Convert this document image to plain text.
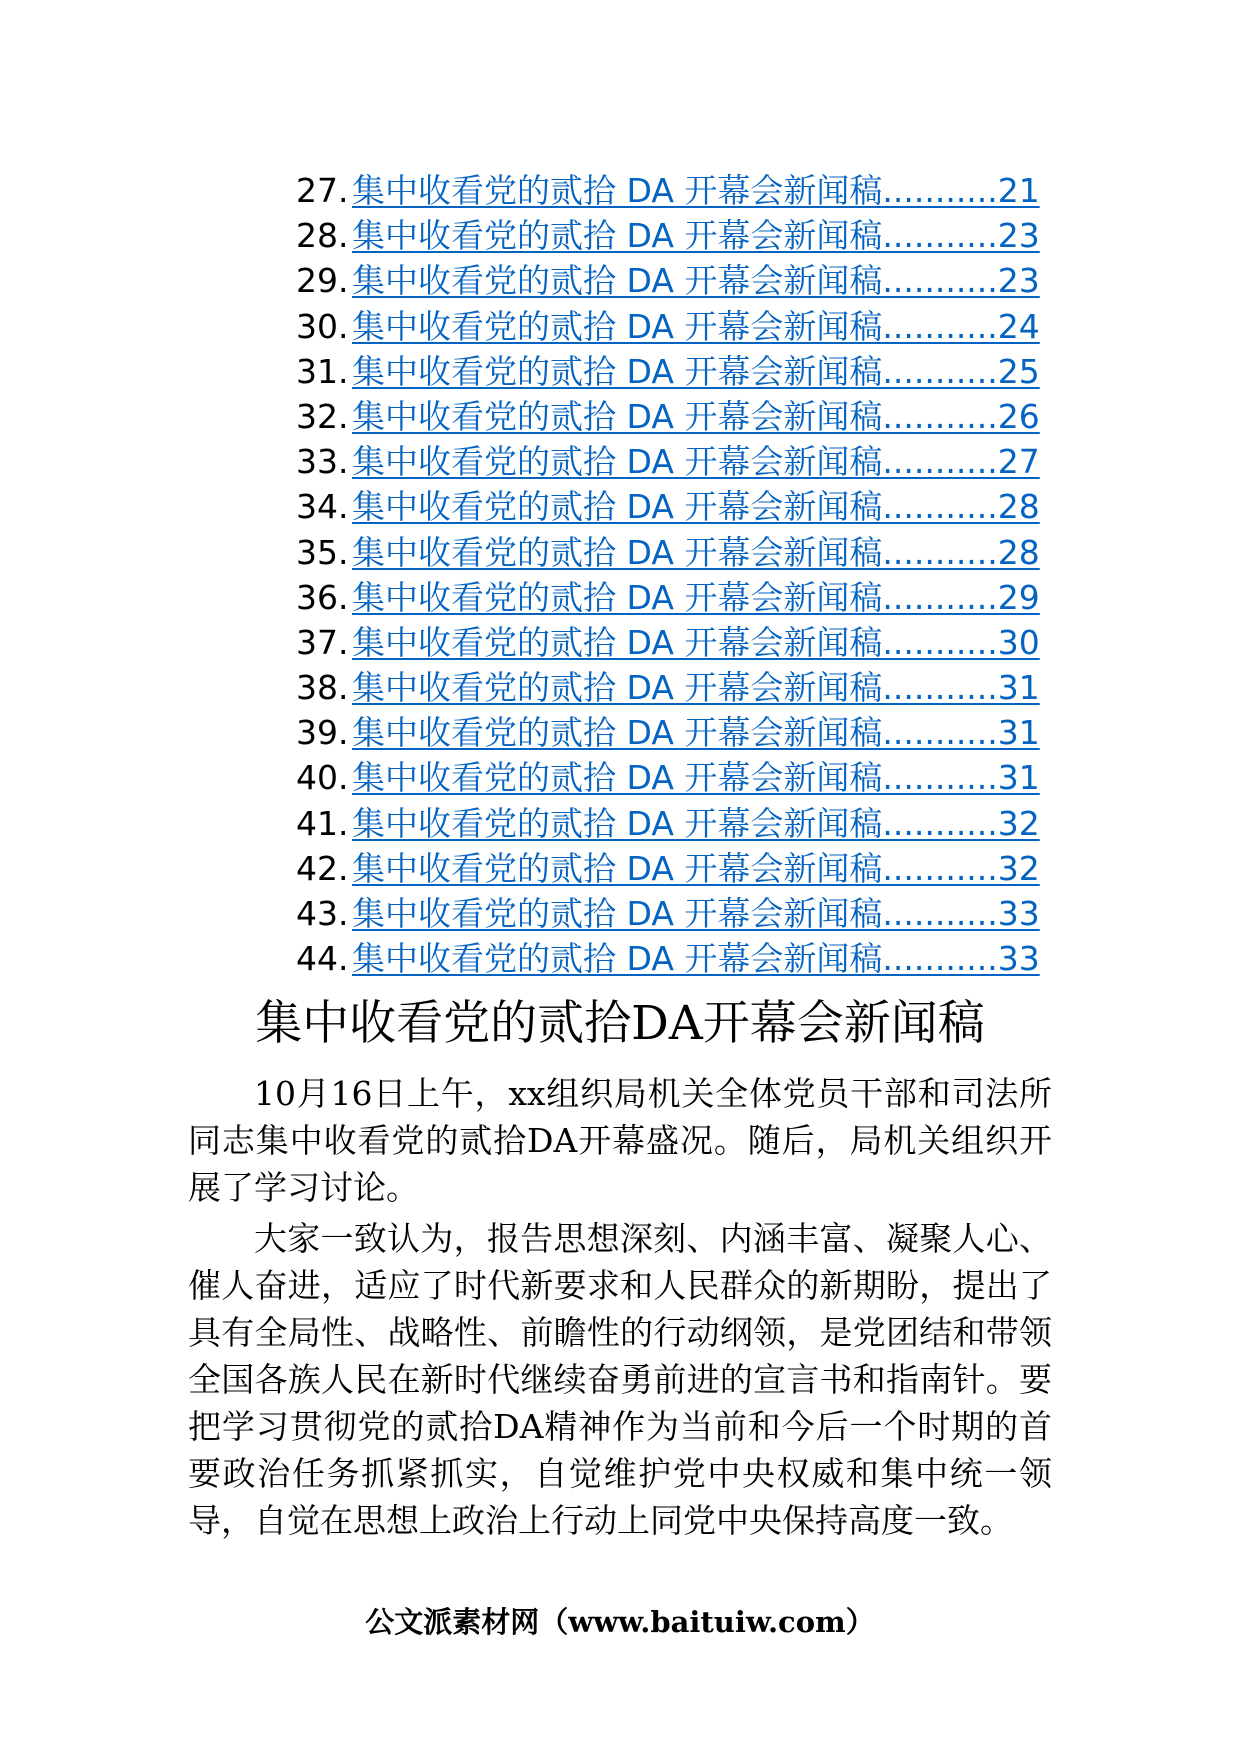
27. 集中收看党的贰拾 DA 开幕会新闻稿...........21
28. 集中收看党的贰拾 DA 开幕会新闻稿...........23
29. 集中收看党的贰拾 DA 开幕会新闻稿...........23
30. 集中收看党的贰拾 DA 开幕会新闻稿...........24
31. 集中收看党的贰拾 DA 开幕会新闻稿...........25
32. 集中收看党的贰拾 DA 开幕会新闻稿...........26
33. 集中收看党的贰拾 DA 开幕会新闻稿...........27
34. 集中收看党的贰拾 DA 开幕会新闻稿...........28
35. 集中收看党的贰拾 DA 开幕会新闻稿...........28
36. 集中收看党的贰拾 DA 开幕会新闻稿...........29
37. 集中收看党的贰拾 DA 开幕会新闻稿...........30
38. 集中收看党的贰拾 DA 开幕会新闻稿...........31
39. 集中收看党的贰拾 DA 开幕会新闻稿...........31
40. 集中收看党的贰拾 DA 开幕会新闻稿...........31
41. 集中收看党的贰拾 DA 开幕会新闻稿...........32
42. 集中收看党的贰拾 DA 开幕会新闻稿...........32
43. 集中收看党的贰拾 DA 开幕会新闻稿...........33
44. 集中收看党的贰拾 DA 开幕会新闻稿...........33
集中收看党的贰拾DA开幕会新闻稿

10月16日上午，xx组织局机关全体党员干部和司法所同志集中收看党的贰拾DA开幕盛况。随后，局机关组织开展了学习讨论。

大家一致认为，报告思想深刻、内涵丰富、凝聚人心、催人奋进，适应了时代新要求和人民群众的新期盼，提出了具有全局性、战略性、前瞻性的行动纲领，是党团结和带领全国各族人民在新时代继续奋勇前进的宣言书和指南针。要把学习贯彻党的贰拾DA精神作为当前和今后一个时期的首要政治任务抓紧抓实，自觉维护党中央权威和集中统一领导，自觉在思想上政治上行动上同党中央保持高度一致。

公文派素材网（www.baituiw.com）
